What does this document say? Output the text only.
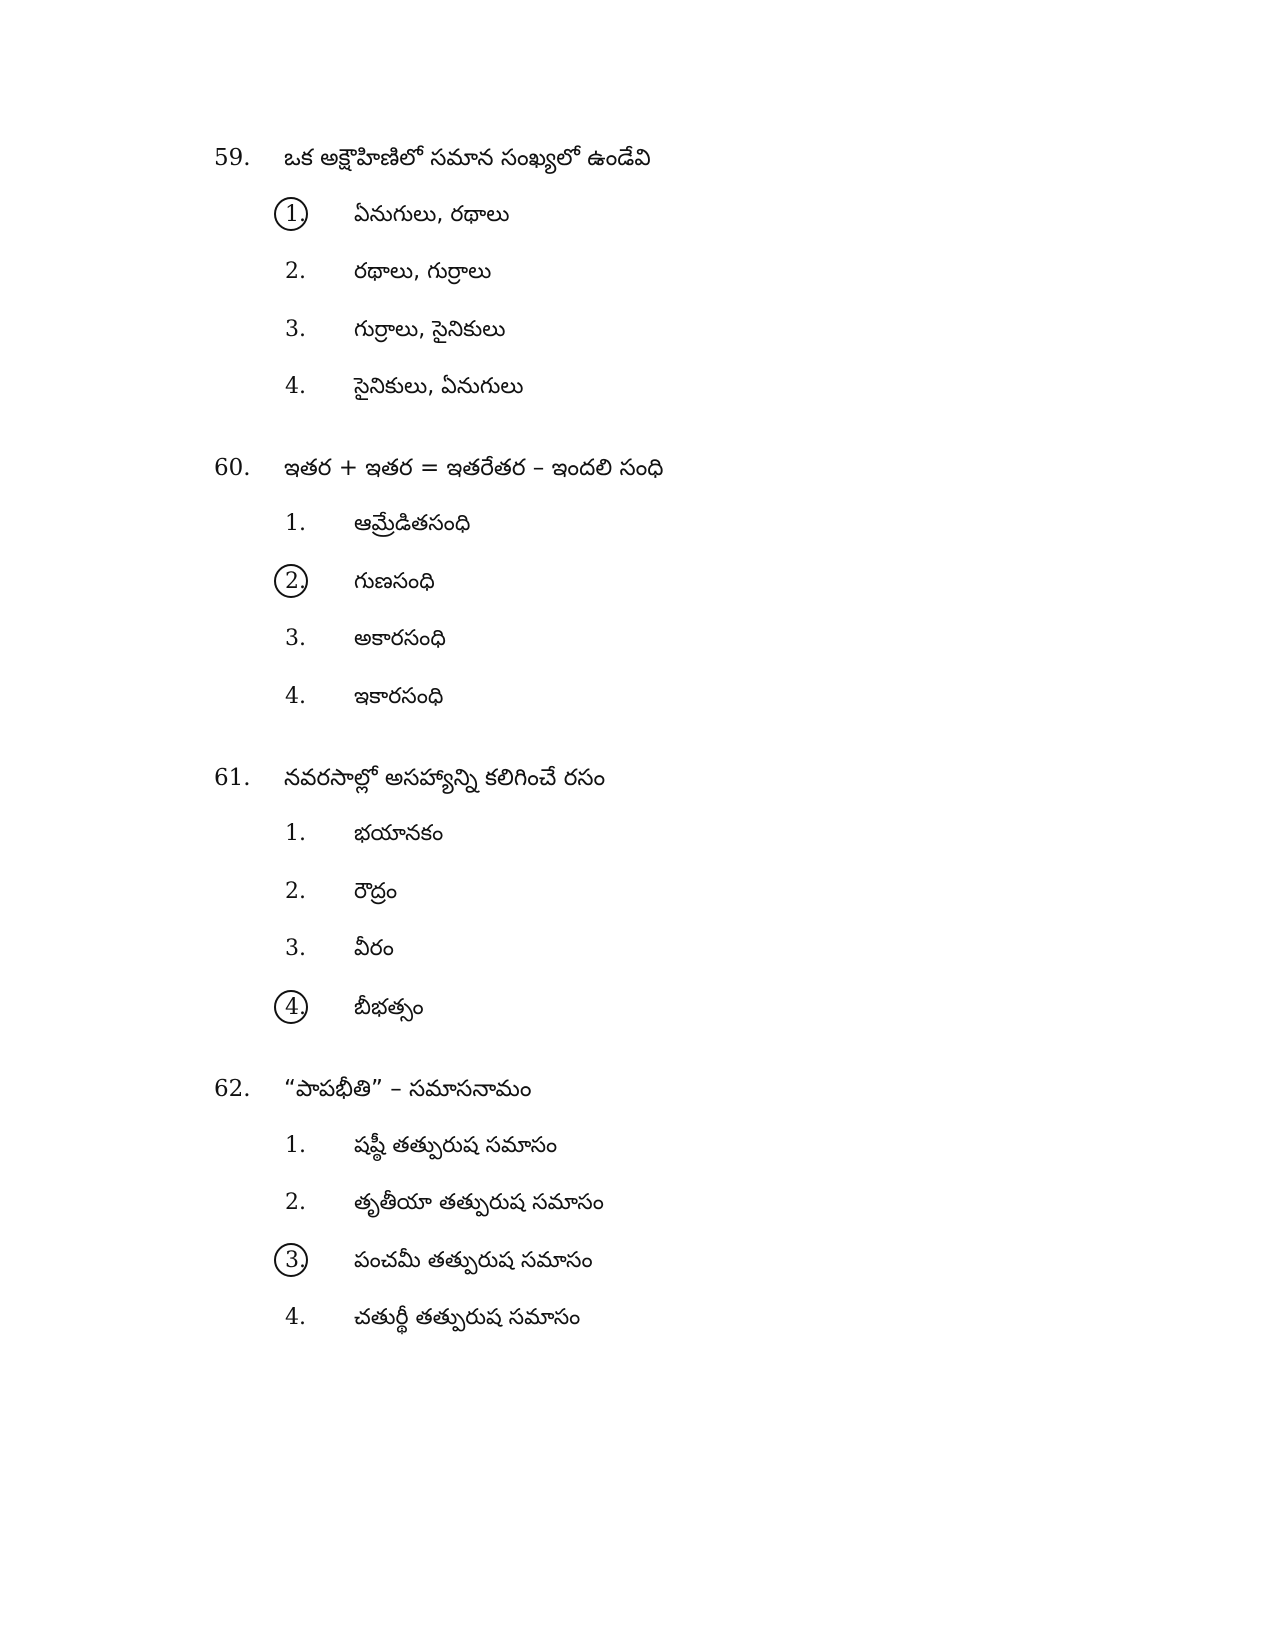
59. ఒక అక్షౌహిణిలో సమాన సంఖ్యలో ఉండేవి
1.	ఏనుగులు, రథాలు
2.	రథాలు, గుర్రాలు
3.	గుర్రాలు, సైనికులు
4.	సైనికులు, ఏనుగులు
60. ఇతర + ఇతర = ఇతరేతర – ఇందలి సంధి
1.	ఆమ్రేడితసంధి
2.	గుణసంధి
3.	అకారసంధి
4.	ఇకారసంధి
61. నవరసాల్లో అసహ్యాన్ని కలిగించే రసం
1.	భయానకం
2.	రౌద్రం
3.	వీరం
4.	బీభత్సం
62. “పాపభీతి” – సమాసనామం
1.	షష్ఠీ తత్పురుష సమాసం
2.	తృతీయా తత్పురుష సమాసం
3.	పంచమీ తత్పురుష సమాసం
4.	చతుర్థీ తత్పురుష సమాసం
